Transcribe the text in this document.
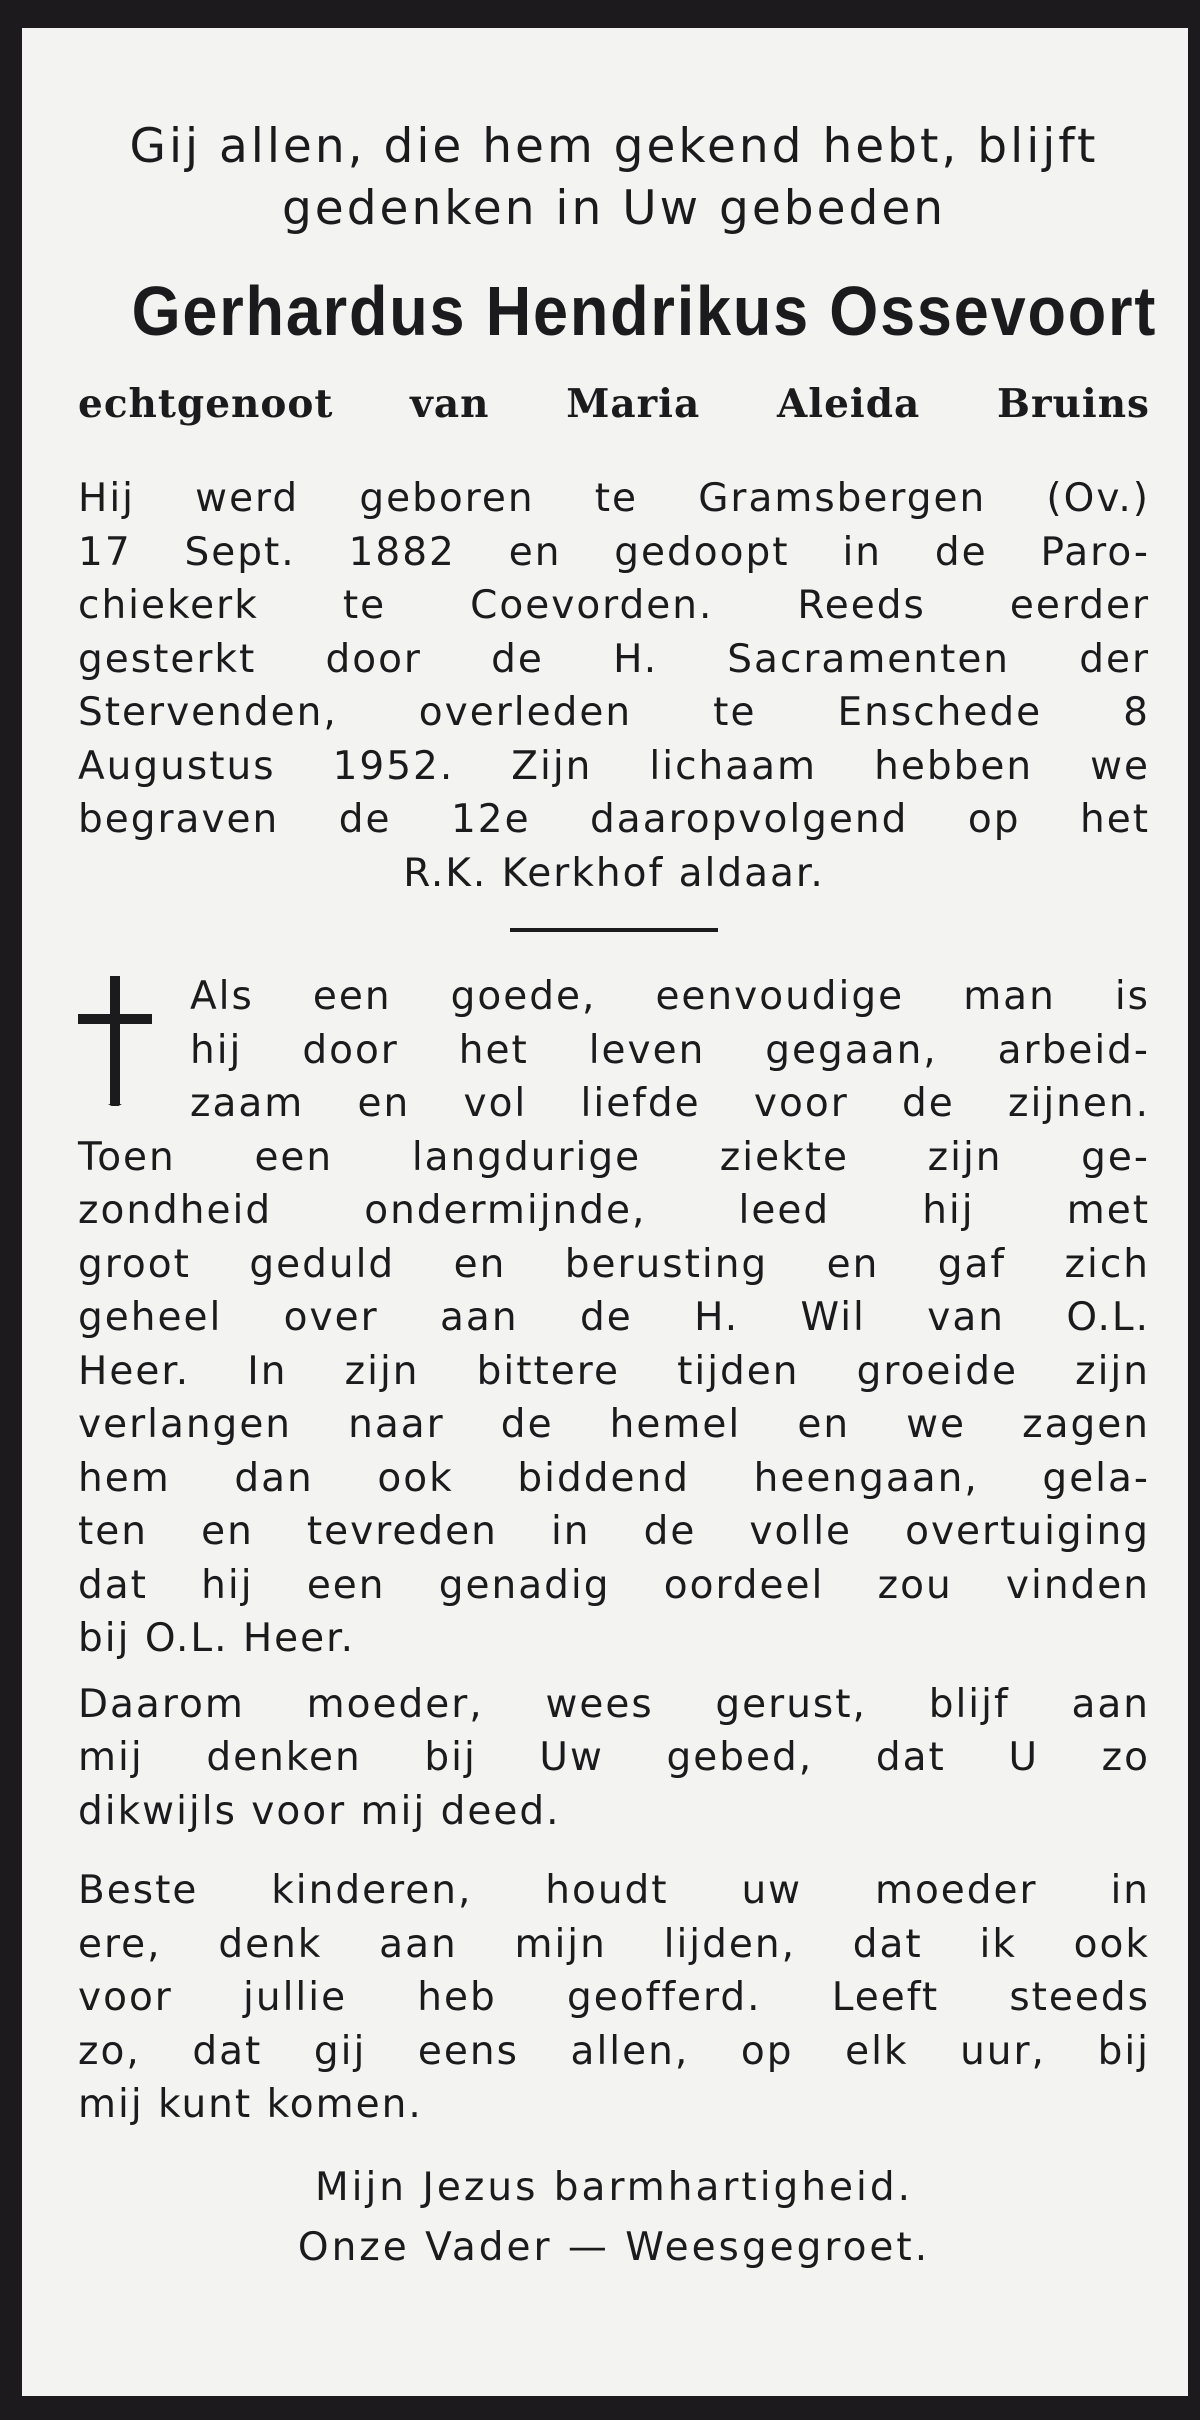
Gij allen, die hem gekend hebt, blijft
gedenken in Uw gebeden
Gerhardus Hendrikus Ossevoort
echtgenoot van Maria Aleida Bruins
Hij werd geboren te Gramsbergen (Ov.)
17 Sept. 1882 en gedoopt in de Paro-
chiekerk te Coevorden. Reeds eerder
gesterkt door de H. Sacramenten der
Stervenden, overleden te Enschede 8
Augustus 1952. Zijn lichaam hebben we
begraven de 12e daaropvolgend op het
R.K. Kerkhof aldaar.
Als een goede, eenvoudige man is
hij door het leven gegaan, arbeid-
zaam en vol liefde voor de zijnen.
Toen een langdurige ziekte zijn ge-
zondheid ondermijnde, leed hij met
groot geduld en berusting en gaf zich
geheel over aan de H. Wil van O.L.
Heer. In zijn bittere tijden groeide zijn
verlangen naar de hemel en we zagen
hem dan ook biddend heengaan, gela-
ten en tevreden in de volle overtuiging
dat hij een genadig oordeel zou vinden
bij O.L. Heer.
Daarom moeder, wees gerust, blijf aan
mij denken bij Uw gebed, dat U zo
dikwijls voor mij deed.
Beste kinderen, houdt uw moeder in
ere, denk aan mijn lijden, dat ik ook
voor jullie heb geofferd. Leeft steeds
zo, dat gij eens allen, op elk uur, bij
mij kunt komen.
Mijn Jezus barmhartigheid.
Onze Vader — Weesgegroet.
